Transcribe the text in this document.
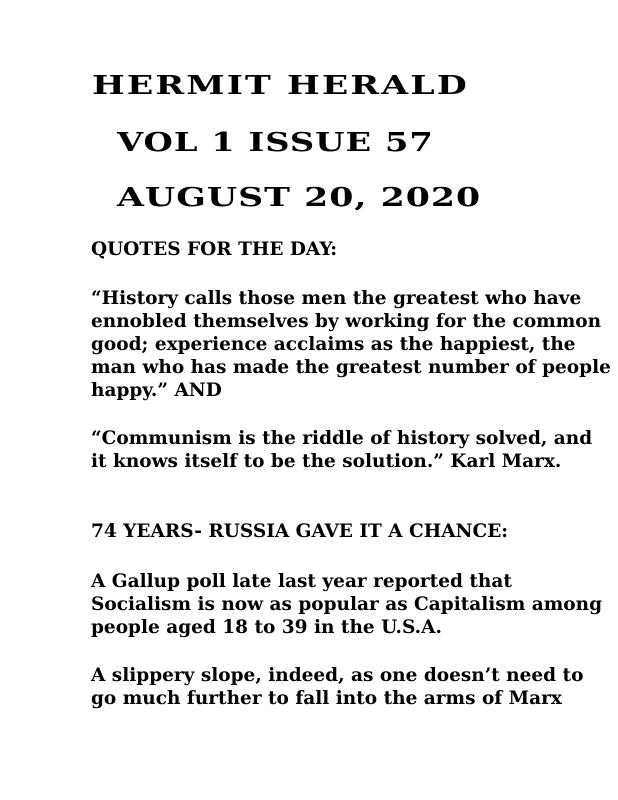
HERMIT HERALD
VOL 1 ISSUE 57
AUGUST 20, 2020

QUOTES FOR THE DAY:

“History calls those men the greatest who have ennobled themselves by working for the common good; experience acclaims as the happiest, the man who has made the greatest number of people happy.” AND

“Communism is the riddle of history solved, and it knows itself to be the solution.” Karl Marx.

74 YEARS- RUSSIA GAVE IT A CHANCE:

A Gallup poll late last year reported that Socialism is now as popular as Capitalism among people aged 18 to 39 in the U.S.A.

A slippery slope, indeed, as one doesn’t need to go much further to fall into the arms of Marx
